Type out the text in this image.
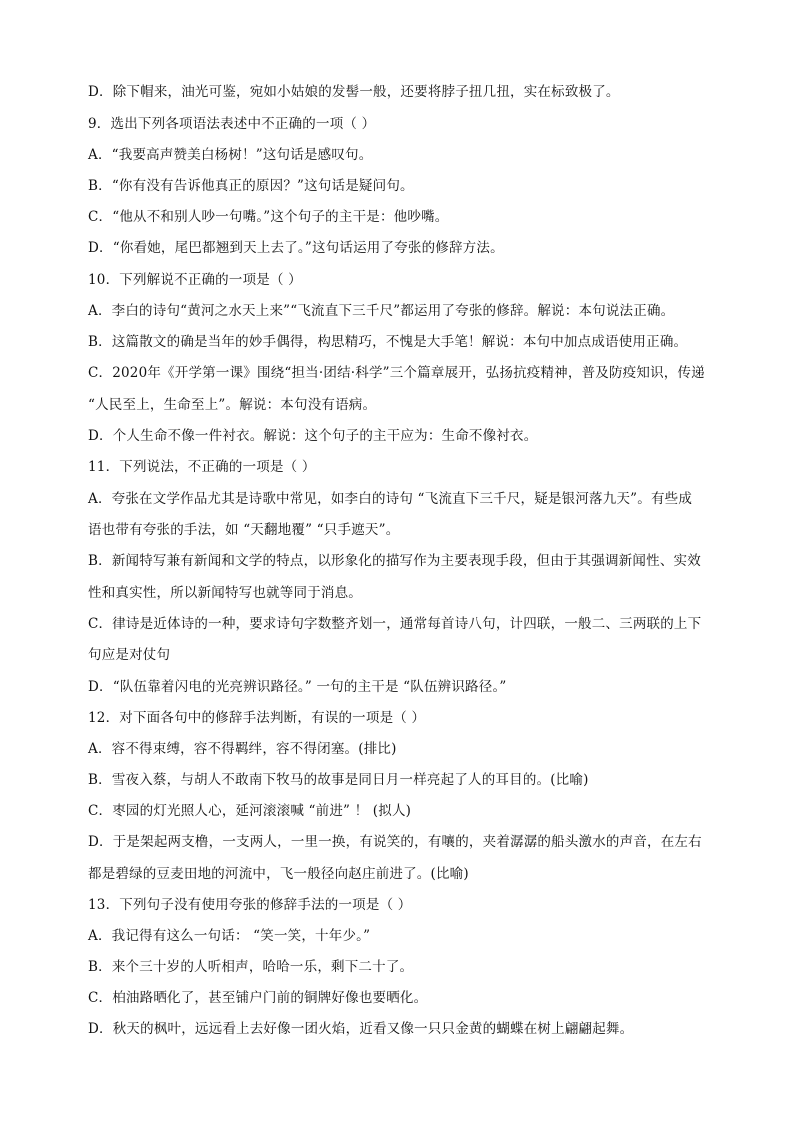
D．除下帽来，油光可鉴，宛如小姑娘的发髻一般，还要将脖子扭几扭，实在标致极了。
9．选出下列各项语法表述中不正确的一项（ ）
A．“我要高声赞美白杨树！”这句话是感叹句。
B．“你有没有告诉他真正的原因？”这句话是疑问句。
C．“他从不和别人吵一句嘴。”这个句子的主干是：他吵嘴。
D．“你看她，尾巴都翘到天上去了。”这句话运用了夸张的修辞方法。
10．下列解说不正确的一项是（ ）
A．李白的诗句“黄河之水天上来”“飞流直下三千尺”都运用了夸张的修辞。解说：本句说法正确。
B．这篇散文的确是当年的妙手偶得，构思精巧，不愧是大手笔！解说：本句中加点成语使用正确。
C．2020年《开学第一课》围绕“担当·团结·科学”三个篇章展开，弘扬抗疫精神，普及防疫知识，传递
“人民至上，生命至上”。解说：本句没有语病。
D．个人生命不像一件衬衣。解说：这个句子的主干应为：生命不像衬衣。
11．下列说法，不正确的一项是（ ）
A．夸张在文学作品尤其是诗歌中常见，如李白的诗句 “飞流直下三千尺，疑是银河落九天”。有些成
语也带有夸张的手法，如 “天翻地覆” “只手遮天”。
B．新闻特写兼有新闻和文学的特点，以形象化的描写作为主要表现手段，但由于其强调新闻性、实效
性和真实性，所以新闻特写也就等同于消息。
C．律诗是近体诗的一种，要求诗句字数整齐划一，通常每首诗八句，计四联，一般二、三两联的上下
句应是对仗句
D．“队伍靠着闪电的光亮辨识路径。” 一句的主干是 “队伍辨识路径。”
12．对下面各句中的修辞手法判断，有误的一项是（ ）
A．容不得束缚，容不得羁绊，容不得闭塞。(排比)
B．雪夜入蔡，与胡人不敢南下牧马的故事是同日月一样亮起了人的耳目的。(比喻)
C．枣园的灯光照人心，延河滚滚喊 “前进” ！ (拟人)
D．于是架起两支橹，一支两人，一里一换，有说笑的，有嚷的，夹着潺潺的船头激水的声音，在左右
都是碧绿的豆麦田地的河流中，飞一般径向赵庄前进了。(比喻)
13．下列句子没有使用夸张的修辞手法的一项是（ ）
A．我记得有这么一句话： “笑一笑，十年少。”
B．来个三十岁的人听相声，哈哈一乐，剩下二十了。
C．柏油路晒化了，甚至铺户门前的铜牌好像也要晒化。
D．秋天的枫叶，远远看上去好像一团火焰，近看又像一只只金黄的蝴蝶在树上翩翩起舞。
